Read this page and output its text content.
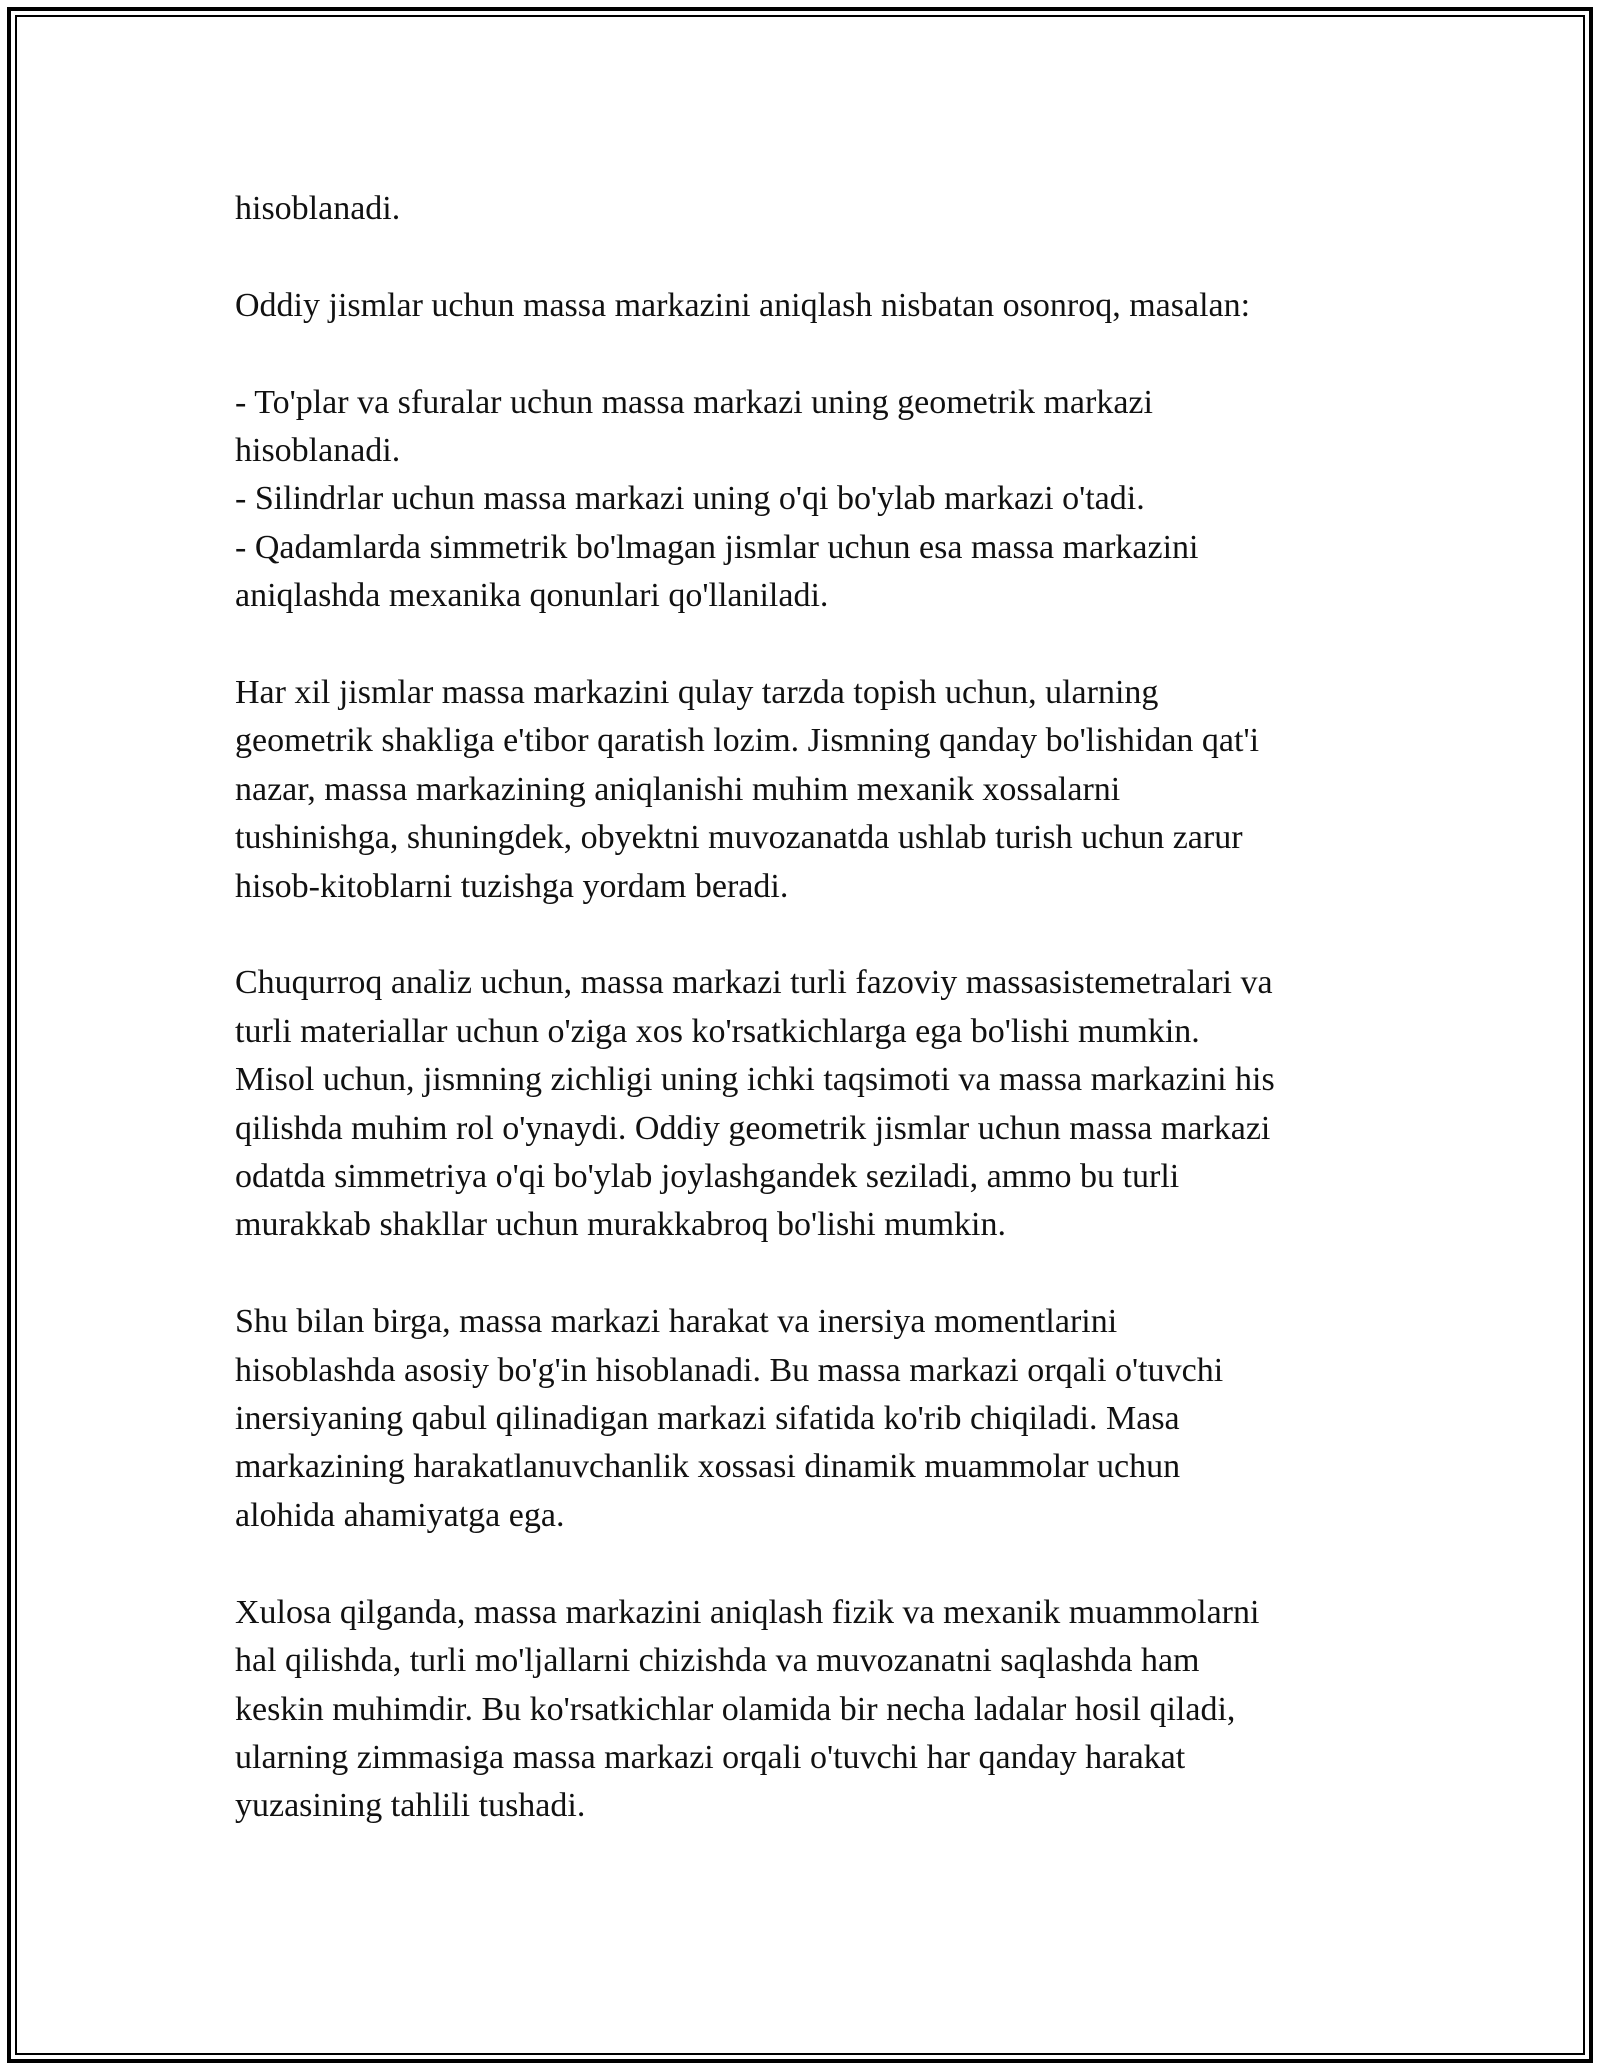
hisoblanadi.

Oddiy jismlar uchun massa markazini aniqlash nisbatan osonroq, masalan:

- To'plar va sfuralar uchun massa markazi uning geometrik markazi
hisoblanadi.
- Silindrlar uchun massa markazi uning o'qi bo'ylab markazi o'tadi.
- Qadamlarda simmetrik bo'lmagan jismlar uchun esa massa markazini
aniqlashda mexanika qonunlari qo'llaniladi.

Har xil jismlar massa markazini qulay tarzda topish uchun, ularning
geometrik shakliga e'tibor qaratish lozim. Jismning qanday bo'lishidan qat'i
nazar, massa markazining aniqlanishi muhim mexanik xossalarni
tushinishga, shuningdek, obyektni muvozanatda ushlab turish uchun zarur
hisob-kitoblarni tuzishga yordam beradi.

Chuqurroq analiz uchun, massa markazi turli fazoviy massasistemetralari va
turli materiallar uchun o'ziga xos ko'rsatkichlarga ega bo'lishi mumkin.
Misol uchun, jismning zichligi uning ichki taqsimoti va massa markazini his
qilishda muhim rol o'ynaydi. Oddiy geometrik jismlar uchun massa markazi
odatda simmetriya o'qi bo'ylab joylashgandek seziladi, ammo bu turli
murakkab shakllar uchun murakkabroq bo'lishi mumkin.

Shu bilan birga, massa markazi harakat va inersiya momentlarini
hisoblashda asosiy bo'g'in hisoblanadi. Bu massa markazi orqali o'tuvchi
inersiyaning qabul qilinadigan markazi sifatida ko'rib chiqiladi. Masa
markazining harakatlanuvchanlik xossasi dinamik muammolar uchun
alohida ahamiyatga ega.

Xulosa qilganda, massa markazini aniqlash fizik va mexanik muammolarni
hal qilishda, turli mo'ljallarni chizishda va muvozanatni saqlashda ham
keskin muhimdir. Bu ko'rsatkichlar olamida bir necha ladalar hosil qiladi,
ularning zimmasiga massa markazi orqali o'tuvchi har qanday harakat
yuzasining tahlili tushadi.
